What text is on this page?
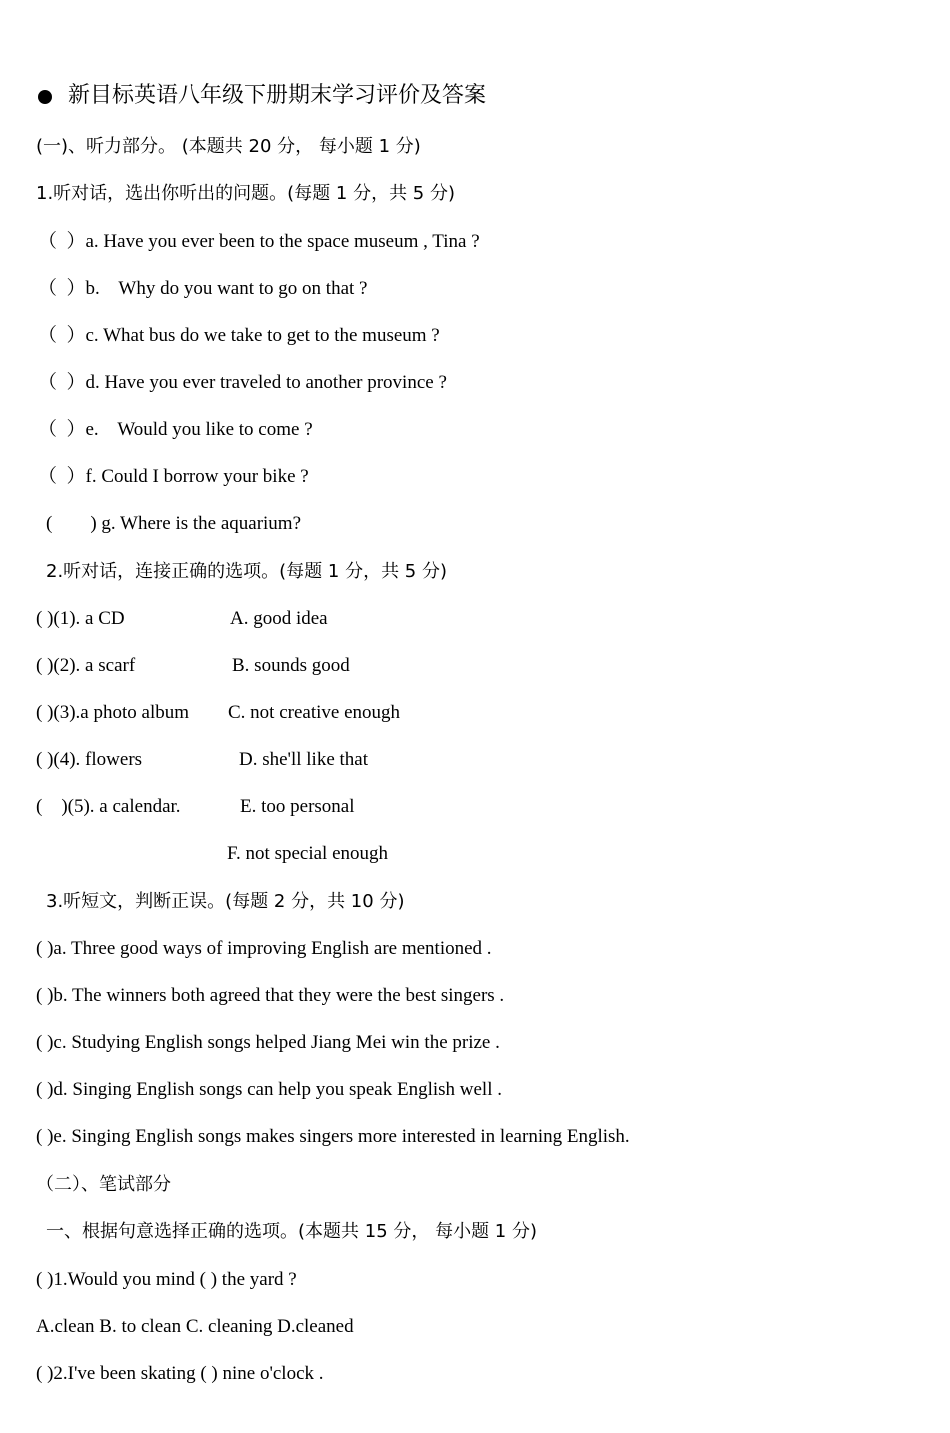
新目标英语八年级下册期末学习评价及答案
(一)、听力部分。 (本题共 20 分， 每小题 1 分)
1.听对话，选出你听出的问题。(每题 1 分，共 5 分)
（  ）a. Have you ever been to the space museum , Tina ?
（  ）b.    Why do you want to go on that ?
（  ）c. What bus do we take to get to the museum ?
（  ）d. Have you ever traveled to another province ?
（  ）e.    Would you like to come ?
（  ）f. Could I borrow your bike ?
(        ) g. Where is the aquarium?
2.听对话，连接正确的选项。(每题 1 分，共 5 分)
( )(1). a CD	A. good idea
( )(2). a scarf	B. sounds good
( )(3).a photo album C. not creative enough
( )(4). flowers	D. she'll like that
(    )(5). a calendar.	E. too personal
F. not special enough
3.听短文，判断正误。(每题 2 分，共 10 分)
( )a. Three good ways of improving English are mentioned .
( )b. The winners both agreed that they were the best singers .
( )c. Studying English songs helped Jiang Mei win the prize .
( )d. Singing English songs can help you speak English well .
( )e. Singing English songs makes singers more interested in learning English.
（二）、笔试部分
一、根据句意选择正确的选项。(本题共 15 分， 每小题 1 分)
( )1.Would you mind ( ) the yard ?
A.clean B. to clean C. cleaning D.cleaned
( )2.I've been skating ( ) nine o'clock .
